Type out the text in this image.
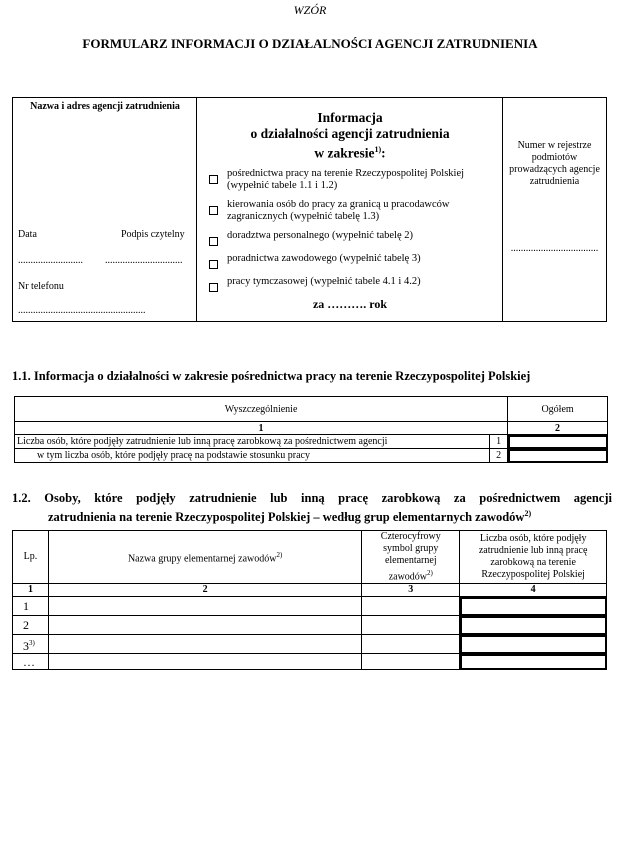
WZÓR
FORMULARZ INFORMACJI O DZIAŁALNOŚCI AGENCJI ZATRUDNIENIA
Nazwa i adres agencji zatrudnienia
Data	Podpis czytelny
.......................... ...............................
Nr telefonu
...................................................
Informacja
o działalności agencji zatrudnienia
w zakresie$^{1)}$:
pośrednictwa pracy na terenie Rzeczypospolitej Polskiej (wypełnić tabele 1.1 i 1.2)
kierowania osób do pracy za granicą u pracodawców zagranicznych (wypełnić tabelę 1.3)
doradztwa personalnego (wypełnić tabelę 2)
poradnictwa zawodowego (wypełnić tabelę 3)
pracy tymczasowej (wypełnić tabele 4.1 i 4.2)
za ………. rok
Numer w rejestrze podmiotów prowadzących agencje zatrudnienia
...................................
1.1. Informacja o działalności w zakresie pośrednictwa pracy na terenie Rzeczypospolitej Polskiej
Wyszczególnienie		Ogółem
1		2
Liczba osób, które podjęły zatrudnienie lub inną pracę zarobkową za pośrednictwem agencji	1	
w tym liczba osób, które podjęły pracę na podstawie stosunku pracy	2	
1.2. Osoby, które podjęły zatrudnienie lub inną pracę zarobkową za pośrednictwem agencji
zatrudnienia na terenie Rzeczypospolitej Polskiej – według grup elementarnych zawodów$^{2)}$
Lp.	Nazwa grupy elementarnej zawodów$^{2)}$	Czterocyfrowy symbol grupy elementarnej zawodów$^{2)}$	Liczba osób, które podjęły zatrudnienie lub inną pracę zarobkową na terenie Rzeczypospolitej Polskiej
1	2	3	4
1			
2			
3$^{3)}$			
…			
